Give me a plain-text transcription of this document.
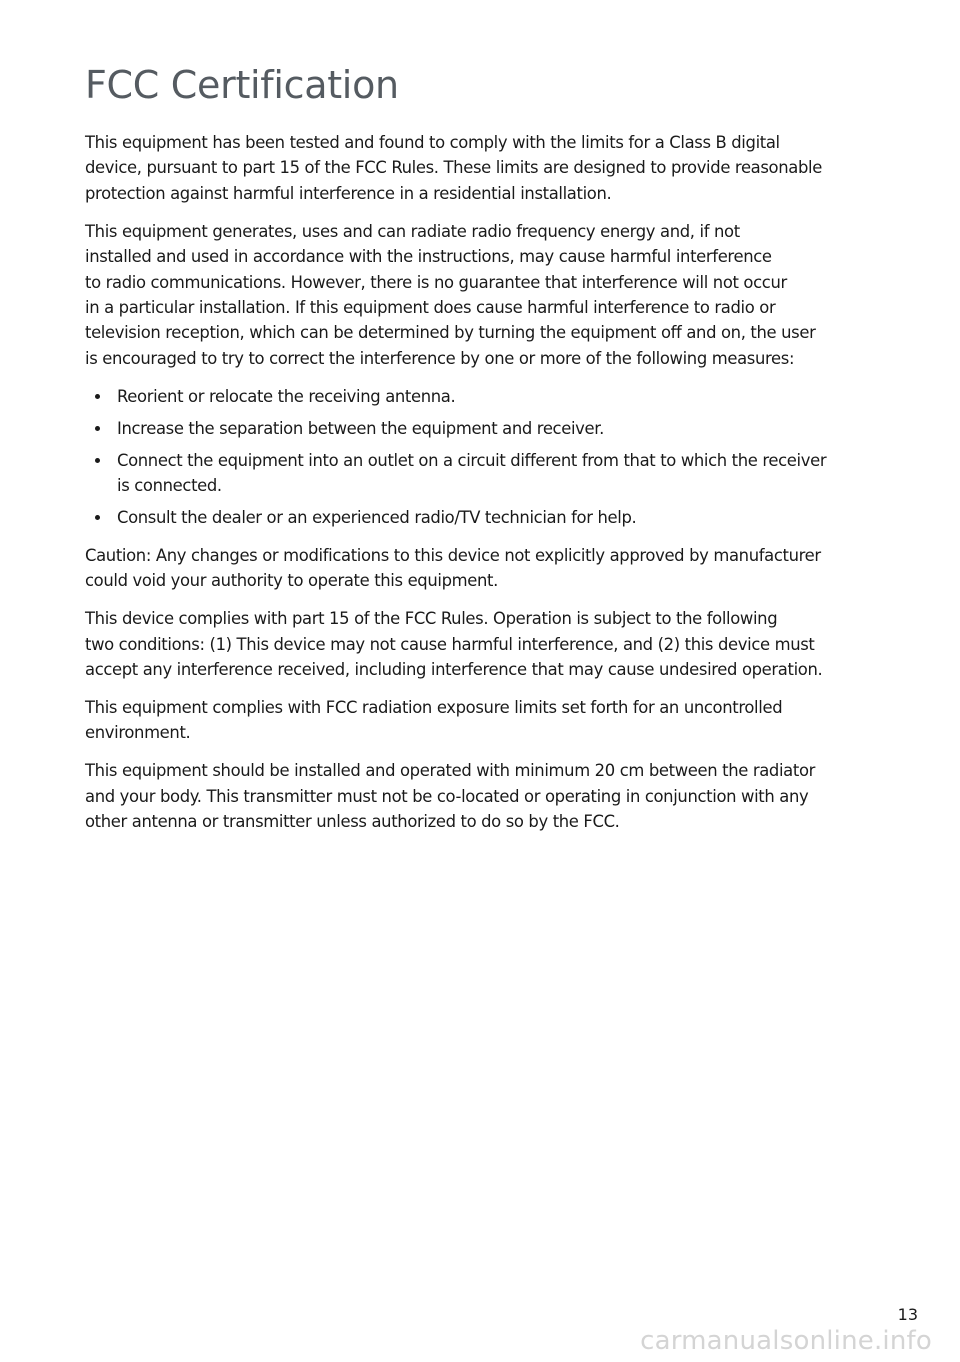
FCC Certification

This equipment has been tested and found to comply with the limits for a Class B digital
device, pursuant to part 15 of the FCC Rules. These limits are designed to provide reasonable
protection against harmful interference in a residential installation.

This equipment generates, uses and can radiate radio frequency energy and, if not
installed and used in accordance with the instructions, may cause harmful interference
to radio communications. However, there is no guarantee that interference will not occur
in a particular installation. If this equipment does cause harmful interference to radio or
television reception, which can be determined by turning the equipment off and on, the user
is encouraged to try to correct the interference by one or more of the following measures:

Reorient or relocate the receiving antenna.
Increase the separation between the equipment and receiver.
Connect the equipment into an outlet on a circuit different from that to which the receiver
is connected.
Consult the dealer or an experienced radio/TV technician for help.

Caution: Any changes or modifications to this device not explicitly approved by manufacturer
could void your authority to operate this equipment.

This device complies with part 15 of the FCC Rules. Operation is subject to the following
two conditions: (1) This device may not cause harmful interference, and (2) this device must
accept any interference received, including interference that may cause undesired operation.

This equipment complies with FCC radiation exposure limits set forth for an uncontrolled
environment.

This equipment should be installed and operated with minimum 20 cm between the radiator
and your body. This transmitter must not be co-located or operating in conjunction with any
other antenna or transmitter unless authorized to do so by the FCC.

13
carmanualsonline.info
